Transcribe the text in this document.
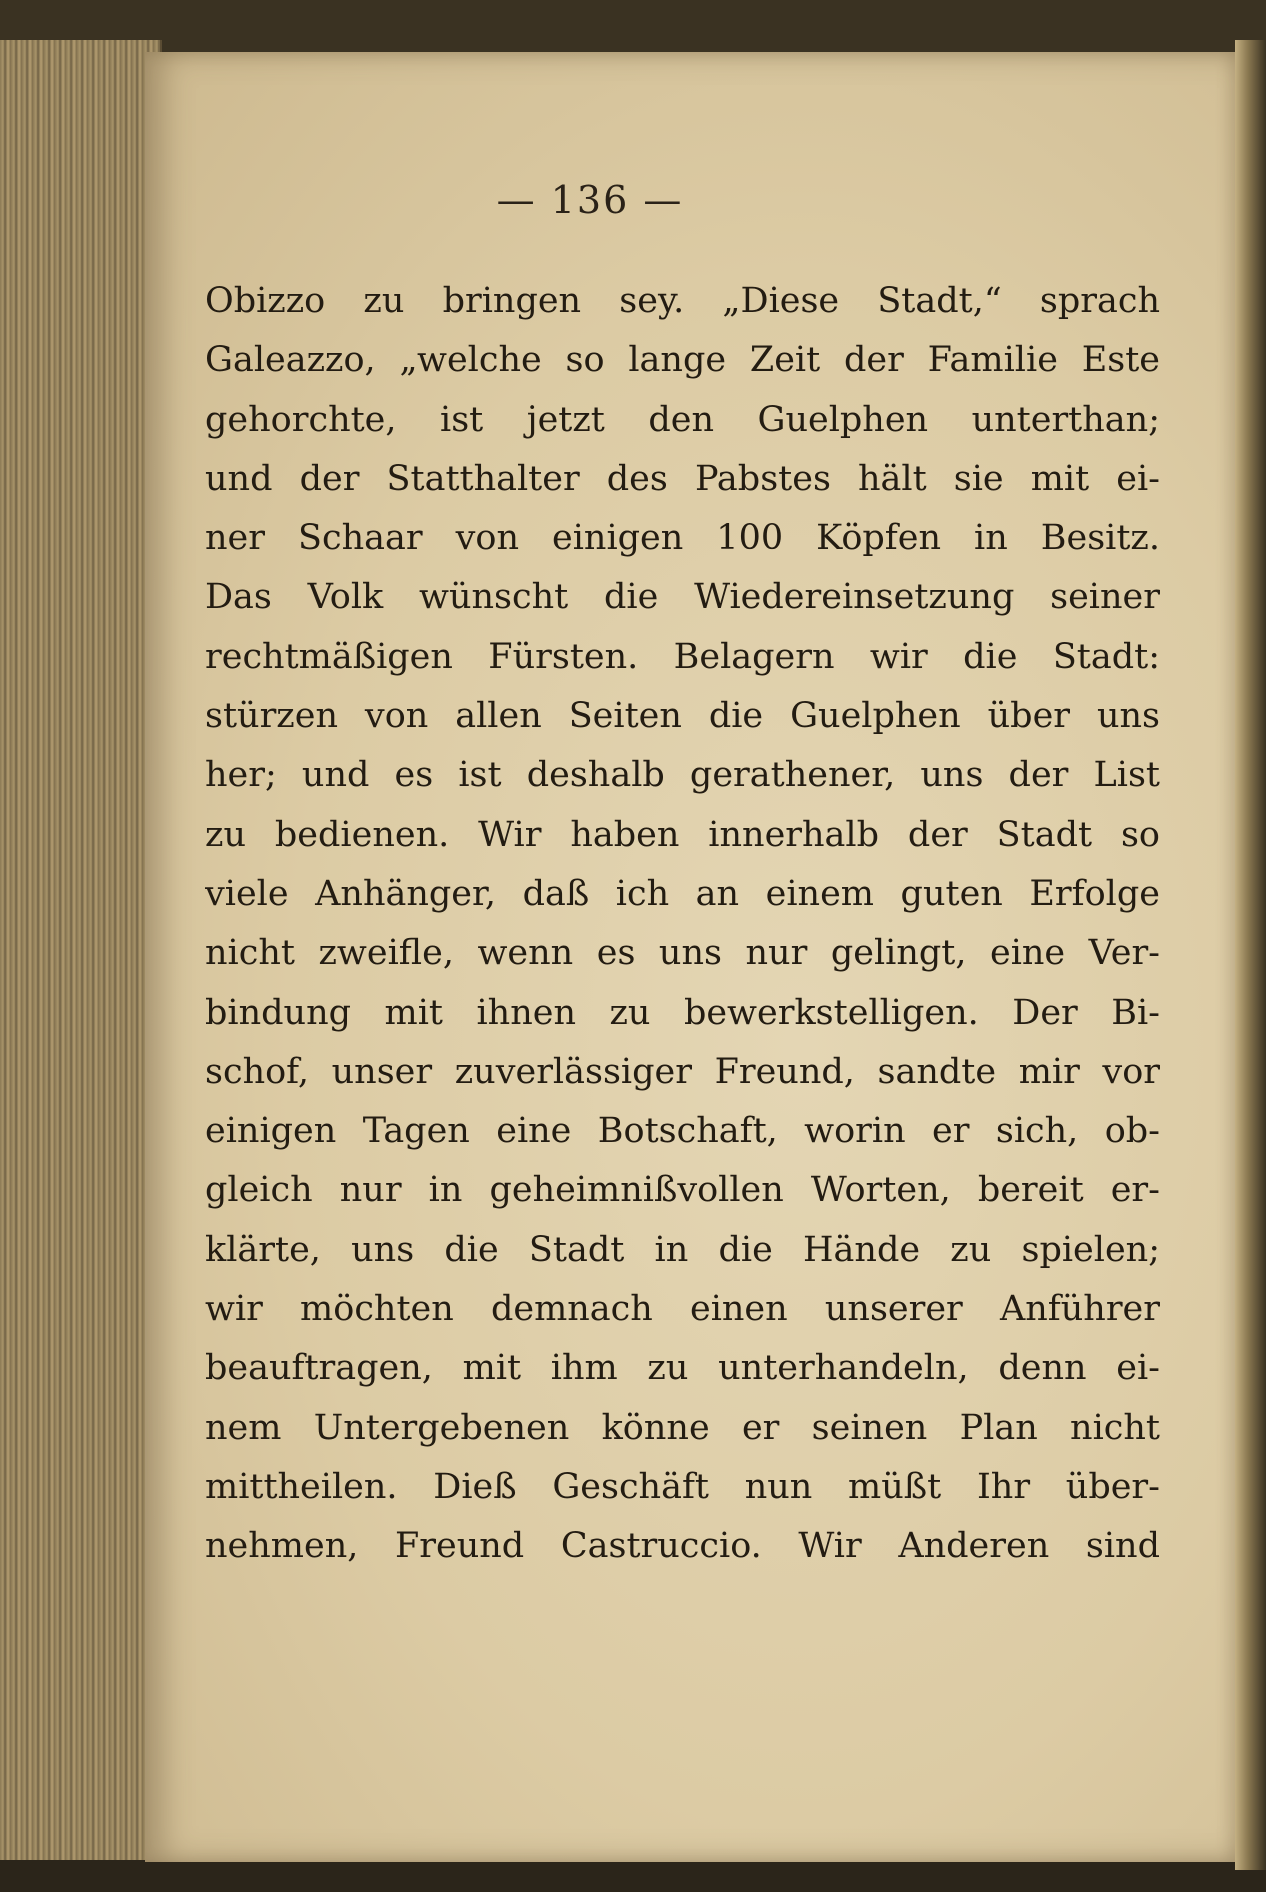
— 136 —
Obizzo zu bringen sey. „Diese Stadt,“ sprach
Galeazzo, „welche so lange Zeit der Familie Este
gehorchte, ist jetzt den Guelphen unterthan;
und der Statthalter des Pabstes hält sie mit ei-
ner Schaar von einigen 100 Köpfen in Besitz.
Das Volk wünscht die Wiedereinsetzung seiner
rechtmäßigen Fürsten. Belagern wir die Stadt:
stürzen von allen Seiten die Guelphen über uns
her; und es ist deshalb gerathener, uns der List
zu bedienen. Wir haben innerhalb der Stadt so
viele Anhänger, daß ich an einem guten Erfolge
nicht zweifle, wenn es uns nur gelingt, eine Ver-
bindung mit ihnen zu bewerkstelligen. Der Bi-
schof, unser zuverlässiger Freund, sandte mir vor
einigen Tagen eine Botschaft, worin er sich, ob-
gleich nur in geheimnißvollen Worten, bereit er-
klärte, uns die Stadt in die Hände zu spielen;
wir möchten demnach einen unserer Anführer
beauftragen, mit ihm zu unterhandeln, denn ei-
nem Untergebenen könne er seinen Plan nicht
mittheilen. Dieß Geschäft nun müßt Ihr über-
nehmen, Freund Castruccio. Wir Anderen sind
